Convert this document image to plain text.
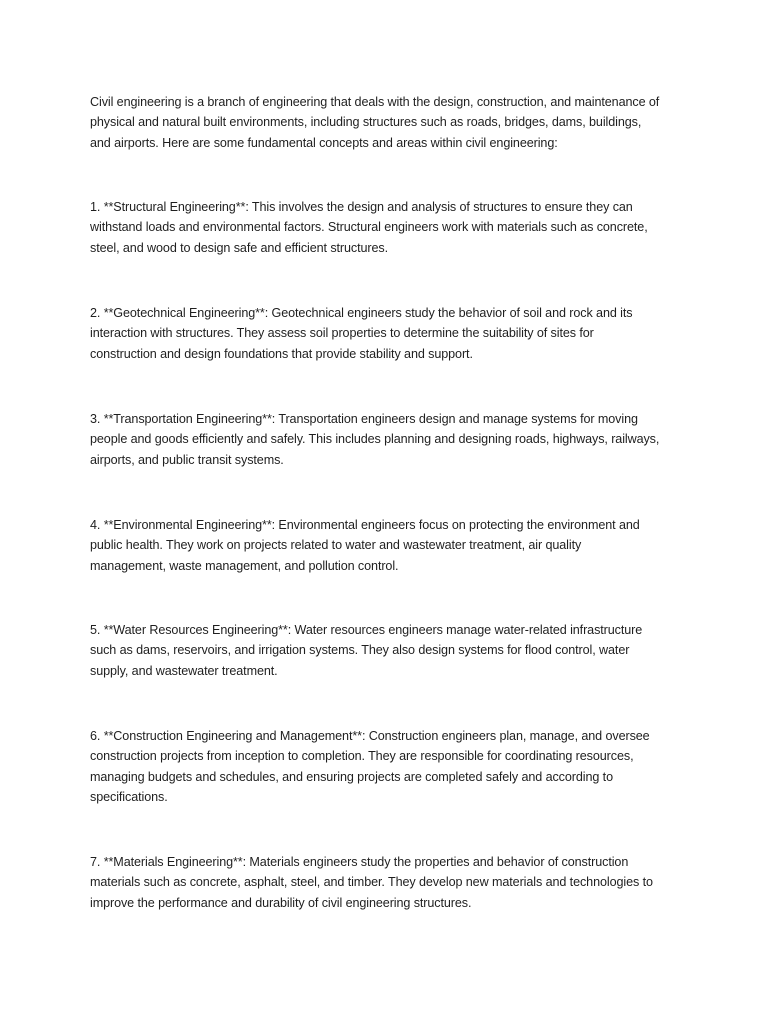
Civil engineering is a branch of engineering that deals with the design, construction, and maintenance of
physical and natural built environments, including structures such as roads, bridges, dams, buildings,
and airports. Here are some fundamental concepts and areas within civil engineering:

1. **Structural Engineering**: This involves the design and analysis of structures to ensure they can
withstand loads and environmental factors. Structural engineers work with materials such as concrete,
steel, and wood to design safe and efficient structures.

2. **Geotechnical Engineering**: Geotechnical engineers study the behavior of soil and rock and its
interaction with structures. They assess soil properties to determine the suitability of sites for
construction and design foundations that provide stability and support.

3. **Transportation Engineering**: Transportation engineers design and manage systems for moving
people and goods efficiently and safely. This includes planning and designing roads, highways, railways,
airports, and public transit systems.

4. **Environmental Engineering**: Environmental engineers focus on protecting the environment and
public health. They work on projects related to water and wastewater treatment, air quality
management, waste management, and pollution control.

5. **Water Resources Engineering**: Water resources engineers manage water-related infrastructure
such as dams, reservoirs, and irrigation systems. They also design systems for flood control, water
supply, and wastewater treatment.

6. **Construction Engineering and Management**: Construction engineers plan, manage, and oversee
construction projects from inception to completion. They are responsible for coordinating resources,
managing budgets and schedules, and ensuring projects are completed safely and according to
specifications.

7. **Materials Engineering**: Materials engineers study the properties and behavior of construction
materials such as concrete, asphalt, steel, and timber. They develop new materials and technologies to
improve the performance and durability of civil engineering structures.
